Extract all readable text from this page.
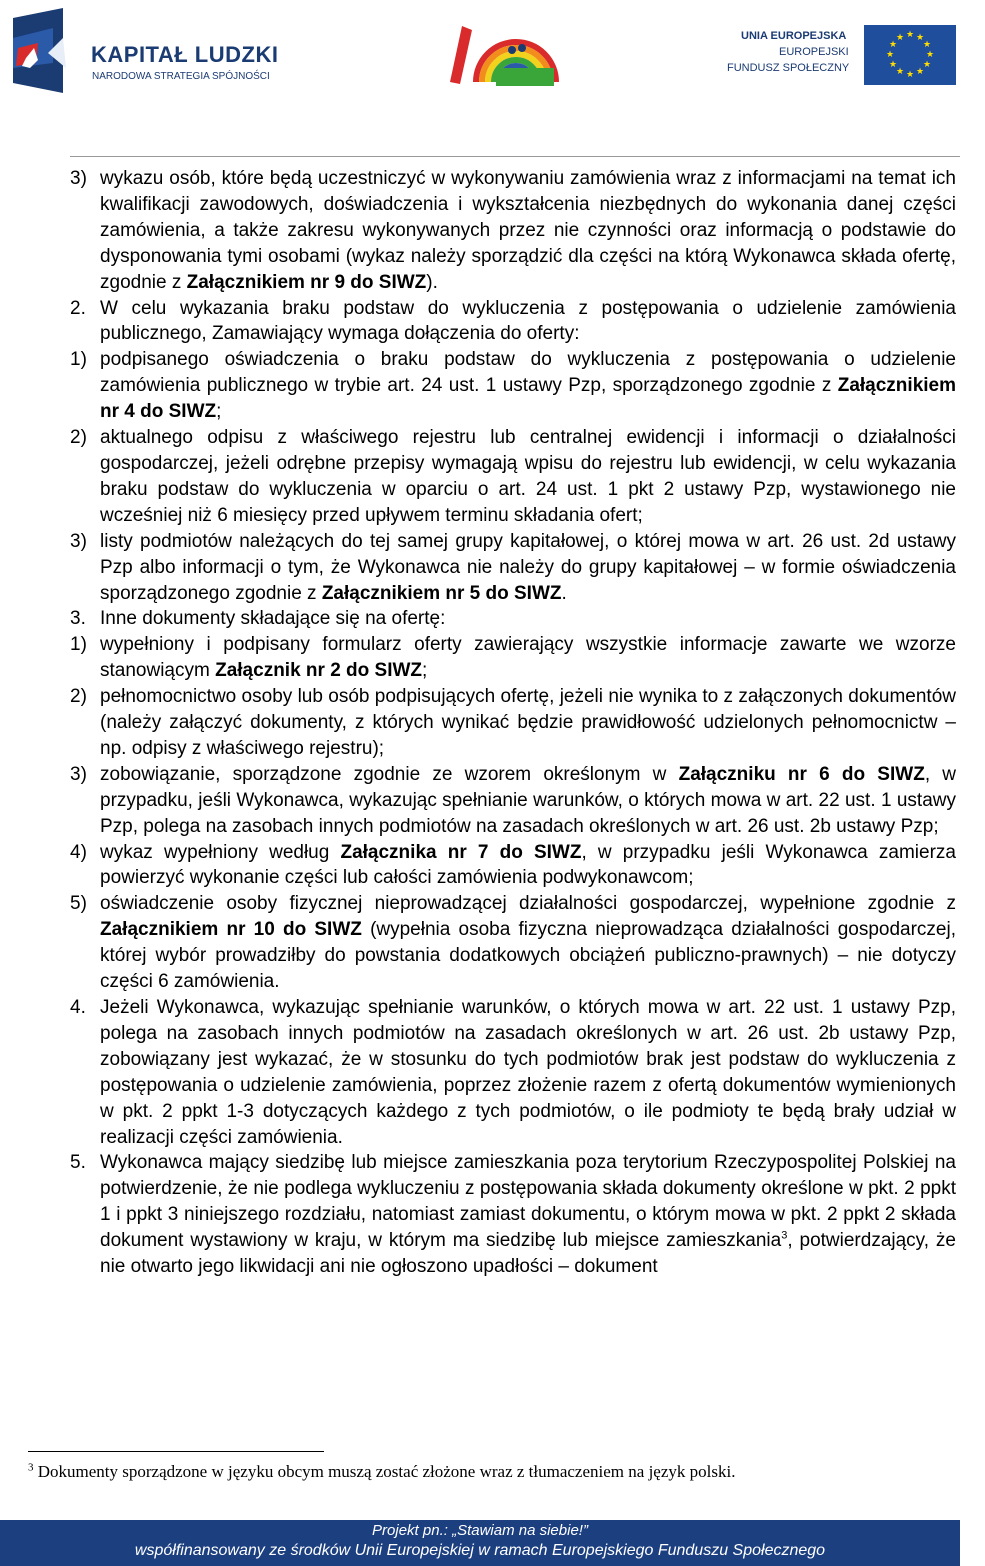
KAPITAŁ LUDZKI
NARODOWA STRATEGIA SPÓJNOŚCI
MOPR
UNIA EUROPEJSKA
EUROPEJSKI
FUNDUSZ SPOŁECZNY
★ ★
★
★
★
★
★
★
★
★
★
★

3) wykazu osób, które będą uczestniczyć w wykonywaniu zamówienia wraz z informacjami na temat ich kwalifikacji zawodowych, doświadczenia i wykształcenia niezbędnych do wykonania danej części zamówienia, a także zakresu wykonywanych przez nie czynności oraz informacją o podstawie do dysponowania tymi osobami (wykaz należy sporządzić dla części na którą Wykonawca składa ofertę, zgodnie z Załącznikiem nr 9 do SIWZ).

2. W celu wykazania braku podstaw do wykluczenia z postępowania o udzielenie zamówienia publicznego, Zamawiający wymaga dołączenia do oferty:

1) podpisanego oświadczenia o braku podstaw do wykluczenia z postępowania o udzielenie zamówienia publicznego w trybie art. 24 ust. 1 ustawy Pzp, sporządzonego zgodnie z Załącznikiem nr 4 do SIWZ;

2) aktualnego odpisu z właściwego rejestru lub centralnej ewidencji i informacji o działalności gospodarczej, jeżeli odrębne przepisy wymagają wpisu do rejestru lub ewidencji, w celu wykazania braku podstaw do wykluczenia w oparciu o art. 24 ust. 1 pkt 2 ustawy Pzp, wystawionego nie wcześniej niż 6 miesięcy przed upływem terminu składania ofert;

3) listy podmiotów należących do tej samej grupy kapitałowej, o której mowa w art. 26 ust. 2d ustawy Pzp albo informacji o tym, że Wykonawca nie należy do grupy kapitałowej – w formie oświadczenia sporządzonego zgodnie z Załącznikiem nr 5 do SIWZ.

3. Inne dokumenty składające się na ofertę:

1) wypełniony i podpisany formularz oferty zawierający wszystkie informacje zawarte we wzorze stanowiącym Załącznik nr 2 do SIWZ;

2) pełnomocnictwo osoby lub osób podpisujących ofertę, jeżeli nie wynika to z załączonych dokumentów (należy załączyć dokumenty, z których wynikać będzie prawidłowość udzielonych pełnomocnictw – np. odpisy z właściwego rejestru);

3) zobowiązanie, sporządzone zgodnie ze wzorem określonym w Załączniku nr 6 do SIWZ, w przypadku, jeśli Wykonawca, wykazując spełnianie warunków, o których mowa w art. 22 ust. 1 ustawy Pzp, polega na zasobach innych podmiotów na zasadach określonych w art. 26 ust. 2b ustawy Pzp;

4) wykaz wypełniony według Załącznika nr 7 do SIWZ, w przypadku jeśli Wykonawca zamierza powierzyć wykonanie części lub całości zamówienia podwykonawcom;

5) oświadczenie osoby fizycznej nieprowadzącej działalności gospodarczej, wypełnione zgodnie z Załącznikiem nr 10 do SIWZ (wypełnia osoba fizyczna nieprowadząca działalności gospodarczej, której wybór prowadziłby do powstania dodatkowych obciążeń publiczno-prawnych) – nie dotyczy części 6 zamówienia.

4. Jeżeli Wykonawca, wykazując spełnianie warunków, o których mowa w art. 22 ust. 1 ustawy Pzp, polega na zasobach innych podmiotów na zasadach określonych w art. 26 ust. 2b ustawy Pzp, zobowiązany jest wykazać, że w stosunku do tych podmiotów brak jest podstaw do wykluczenia z postępowania o udzielenie zamówienia, poprzez złożenie razem z ofertą dokumentów wymienionych w pkt. 2 ppkt 1-3 dotyczących każdego z tych podmiotów, o ile podmioty te będą brały udział w realizacji części zamówienia.

5. Wykonawca mający siedzibę lub miejsce zamieszkania poza terytorium Rzeczypospolitej Polskiej na potwierdzenie, że nie podlega wykluczeniu z postępowania składa dokumenty określone w pkt. 2 ppkt 1 i ppkt 3 niniejszego rozdziału, natomiast zamiast dokumentu, o którym mowa w pkt. 2 ppkt 2 składa dokument wystawiony w kraju, w którym ma siedzibę lub miejsce zamieszkania$^3$, potwierdzający, że nie otwarto jego likwidacji ani nie ogłoszono upadłości – dokument

$^3$ Dokumenty sporządzone w języku obcym muszą zostać złożone wraz z tłumaczeniem na język polski.
Projekt pn.: „Stawiam na siebie!”
współfinansowany ze środków Unii Europejskiej w ramach Europejskiego Funduszu Społecznego
